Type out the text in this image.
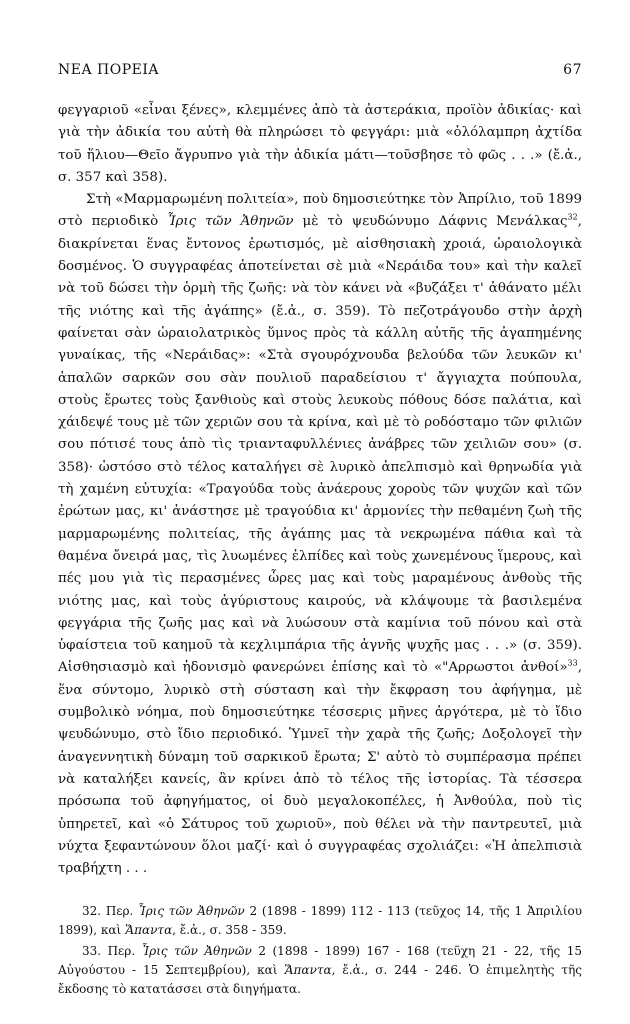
ΝΕΑ ΠΟΡΕΙΑ	67

φεγγαριοῦ «εἶναι ξένες», κλεμμένες ἀπὸ τὰ ἀστεράκια, προϊὸν ἀδικίας· καὶ γιὰ τὴν ἀδικία του αὐτὴ θὰ πληρώσει τὸ φεγγάρι: μιὰ «ὁλόλαμπρη ἀχτίδα τοῦ ἥλιου—Θεῖο ἄγρυπνο γιὰ τὴν ἀδικία μάτι—τοῦσβησε τὸ φῶς . . .» (ἔ.ἀ., σ. 357 καὶ 358).

Στὴ «Μαρμαρωμένη πολιτεία», ποὺ δημοσιεύτηκε τὸν Ἀπρίλιο, τοῦ 1899 στὸ περιοδικὸ Ἶρις τῶν Ἀθηνῶν μὲ τὸ ψευδώνυμο Δάφνις Μενάλκας$^{32}$, διακρίνεται ἕνας ἔντονος ἐρωτισμός, μὲ αἰσθησιακὴ χροιά, ὡραιολογικὰ δοσμένος. Ὁ συγγραφέας ἀποτείνεται σὲ μιὰ «Νεράιδα του» καὶ τὴν καλεῖ νὰ τοῦ δώσει τὴν ὁρμὴ τῆς ζωῆς: νὰ τὸν κάνει νὰ «βυζάξει τ' ἀθάνατο μέλι τῆς νιότης καὶ τῆς ἀγάπης» (ἔ.ἀ., σ. 359). Τὸ πεζοτράγουδο στὴν ἀρχὴ φαίνεται σὰν ὡραιολατρικὸς ὕμνος πρὸς τὰ κάλλη αὐτῆς τῆς ἀγαπημένης γυναίκας, τῆς «Νεράιδας»: «Στὰ σγουρόχνουδα βελούδα τῶν λευκῶν κι' ἀπαλῶν σαρκῶν σου σὰν πουλιοῦ παραδείσιου τ' ἄγγιαχτα πούπουλα, στοὺς ἔρωτες τοὺς ξανθιοὺς καὶ στοὺς λευκοὺς πόθους δόσε παλάτια, καὶ χάιδεψέ τους μὲ τῶν χεριῶν σου τὰ κρίνα, καὶ μὲ τὸ ροδόσταμο τῶν φιλιῶν σου πότισέ τους ἀπὸ τὶς τριανταφυλλένιες ἀνάβρες τῶν χειλιῶν σου» (σ. 358)· ὡστόσο στὸ τέλος καταλήγει σὲ λυρικὸ ἀπελπισμὸ καὶ θρηνωδία γιὰ τὴ χαμένη εὐτυχία: «Τραγούδα τοὺς ἀνάερους χοροὺς τῶν ψυχῶν καὶ τῶν ἐρώτων μας, κι' ἀνάστησε μὲ τραγούδια κι' ἁρμονίες τὴν πεθαμένη ζωὴ τῆς μαρμαρωμένης πολιτείας, τῆς ἀγάπης μας τὰ νεκρωμένα πάθια καὶ τὰ θαμένα ὄνειρά μας, τὶς λυωμένες ἐλπίδες καὶ τοὺς χωνεμένους ἵμερους, καὶ πές μου γιὰ τὶς περασμένες ὧρες μας καὶ τοὺς μαραμένους ἀνθοὺς τῆς νιότης μας, καὶ τοὺς ἀγύριστους καιρούς, νὰ κλάψουμε τὰ βασιλεμένα φεγγάρια τῆς ζωῆς μας καὶ νὰ λυώσουν στὰ καμίνια τοῦ πόνου καὶ στὰ ὑφαίστεια τοῦ καημοῦ τὰ κεχλιμπάρια τῆς ἀγνῆς ψυχῆς μας . . .» (σ. 359). Αἰσθησιασμὸ καὶ ἡδονισμὸ φανερώνει ἐπίσης καὶ τὸ «"Αρρωστοι ἀνθοί»$^{33}$, ἕνα σύντομο, λυρικὸ στὴ σύσταση καὶ τὴν ἔκφραση του ἀφήγημα, μὲ συμβολικὸ νόημα, ποὺ δημοσιεύτηκε τέσσερις μῆνες ἀργότερα, μὲ τὸ ἴδιο ψευδώνυμο, στὸ ἴδιο περιοδικό. Ὑμνεῖ τὴν χαρὰ τῆς ζωῆς; Δοξολογεῖ τὴν ἀναγεννητικὴ δύναμη τοῦ σαρκικοῦ ἔρωτα; Σ' αὐτὸ τὸ συμπέρασμα πρέπει νὰ καταλήξει κανείς, ἂν κρίνει ἀπὸ τὸ τέλος τῆς ἱστορίας. Τὰ τέσσερα πρόσωπα τοῦ ἀφηγήματος, οἱ δυὸ μεγαλοκοπέλες, ἡ Ἀνθούλα, ποὺ τὶς ὑπηρετεῖ, καὶ «ὁ Σάτυρος τοῦ χωριοῦ», ποὺ θέλει νὰ τὴν παντρευτεῖ, μιὰ νύχτα ξεφαντώνουν ὅλοι μαζί· καὶ ὁ συγγραφέας σχολιάζει: «Ἡ ἀπελπισιὰ τραβήχτη . . .

32. Περ. Ἶρις τῶν Ἀθηνῶν 2 (1898 - 1899) 112 - 113 (τεῦχος 14, τῆς 1 Ἀπριλίου 1899), καὶ Ἅπαντα, ἔ.ἀ., σ. 358 - 359.

33. Περ. Ἶρις τῶν Ἀθηνῶν 2 (1898 - 1899) 167 - 168 (τεῦχη 21 - 22, τῆς 15 Αὐγούστου - 15 Σεπτεμβρίου), καὶ Ἅπαντα, ἔ.ἀ., σ. 244 - 246. Ὁ ἐπιμελητὴς τῆς ἔκδοσης τὸ κατατάσσει στὰ διηγήματα.
